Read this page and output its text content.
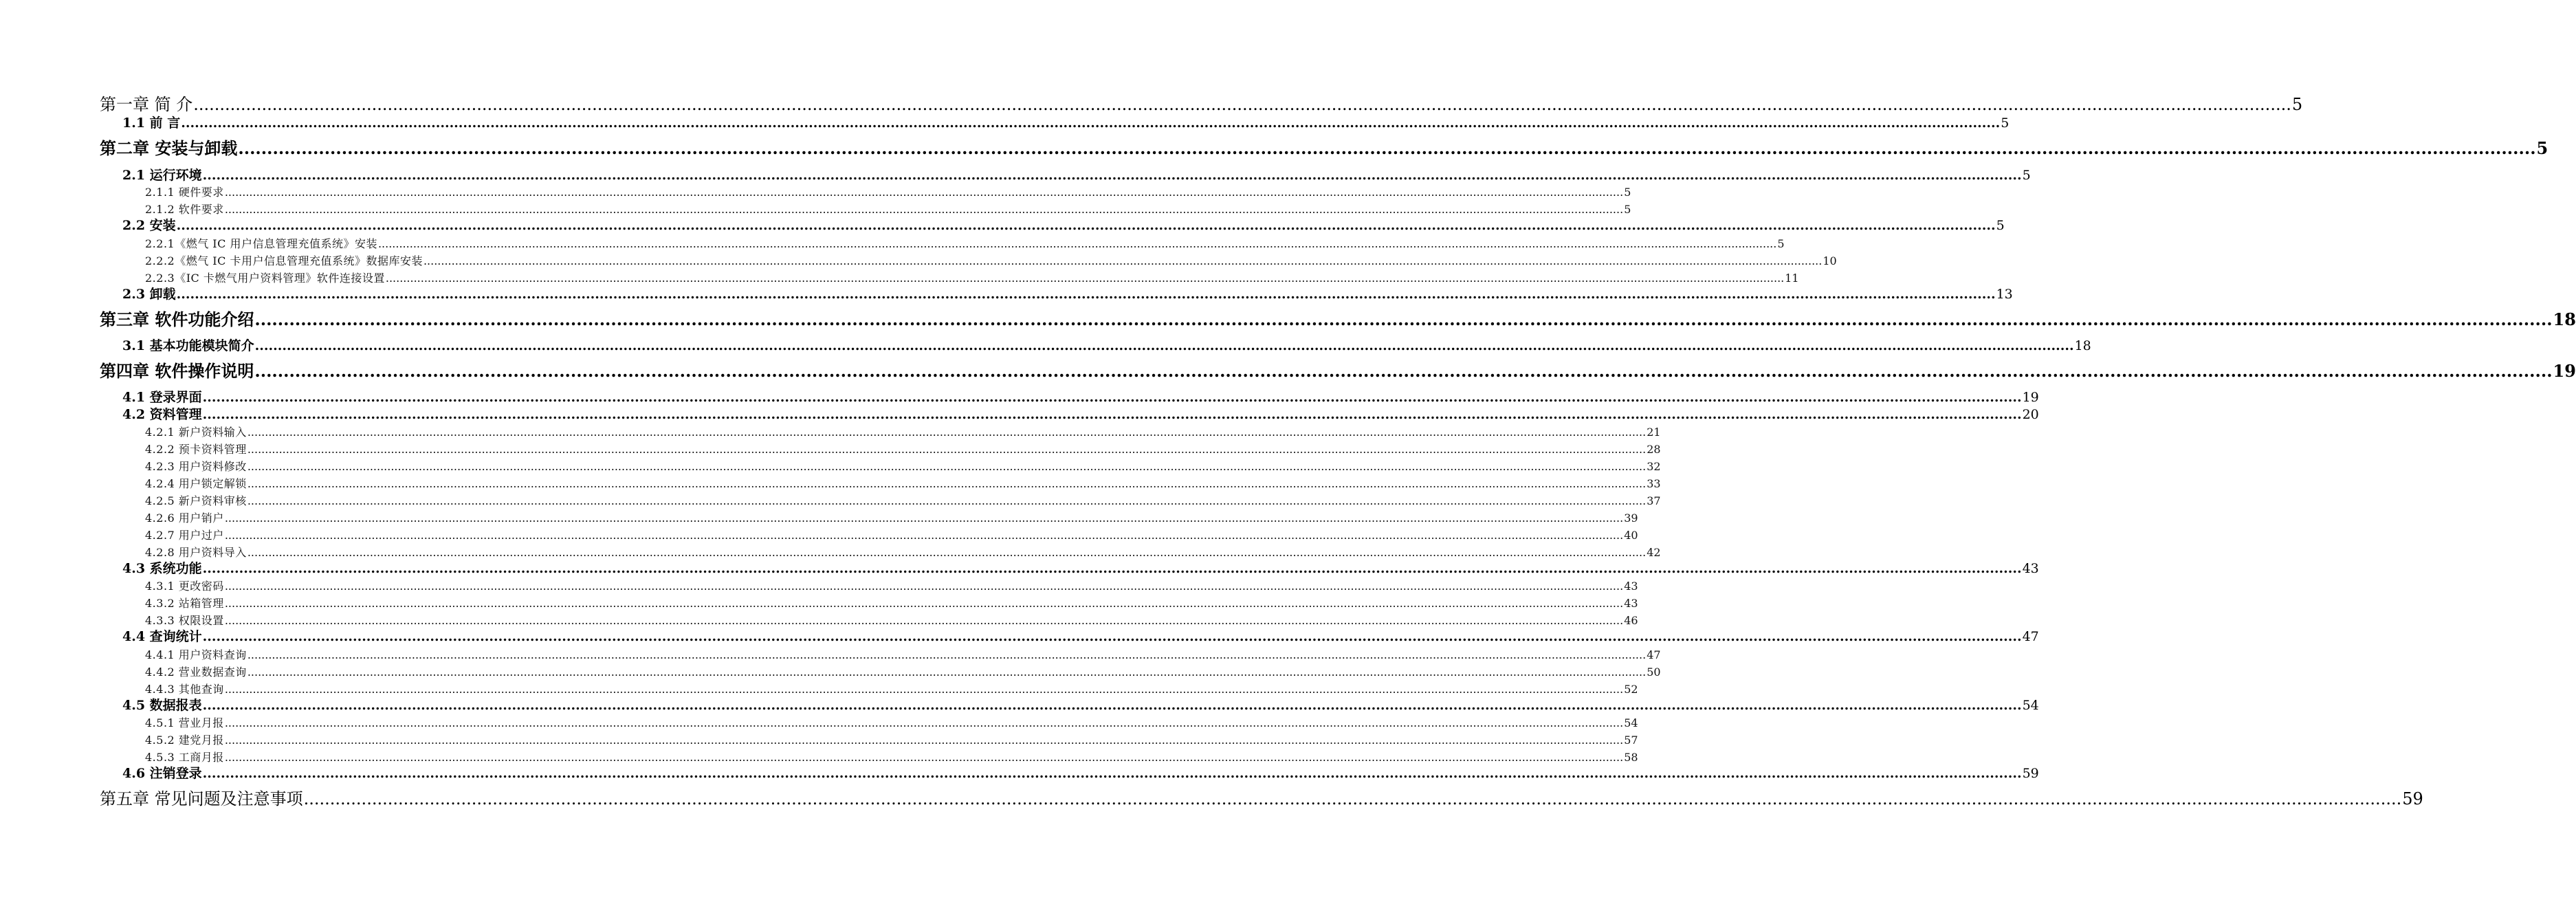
第一章 简 介 ................................................................................................................................................................................................................................................................................................................................................................................................................ 5
1.1 前 言 ................................................................................................................................................................................................................................................................................................................................................................................................................ 5
第二章 安装与卸载 ................................................................................................................................................................................................................................................................................................................................................................................................................ 5
2.1 运行环境 ................................................................................................................................................................................................................................................................................................................................................................................................................ 5
2.1.1 硬件要求 ................................................................................................................................................................................................................................................................................................................................................................................................................ 5
2.1.2 软件要求 ................................................................................................................................................................................................................................................................................................................................................................................................................ 5
2.2 安装 ................................................................................................................................................................................................................................................................................................................................................................................................................ 5
2.2.1《燃气 IC 用户信息管理充值系统》安装 ................................................................................................................................................................................................................................................................................................................................................................................................................ 5
2.2.2《燃气 IC 卡用户信息管理充值系统》数据库安装 ................................................................................................................................................................................................................................................................................................................................................................................................................ 10
2.2.3《IC 卡燃气用户资料管理》软件连接设置 ................................................................................................................................................................................................................................................................................................................................................................................................................ 11
2.3 卸载 ................................................................................................................................................................................................................................................................................................................................................................................................................ 13
第三章 软件功能介绍 ................................................................................................................................................................................................................................................................................................................................................................................................................ 18
3.1 基本功能模块简介 ................................................................................................................................................................................................................................................................................................................................................................................................................ 18
第四章 软件操作说明 ................................................................................................................................................................................................................................................................................................................................................................................................................ 19
4.1 登录界面 ................................................................................................................................................................................................................................................................................................................................................................................................................ 19
4.2 资料管理 ................................................................................................................................................................................................................................................................................................................................................................................................................ 20
4.2.1 新户资料输入 ................................................................................................................................................................................................................................................................................................................................................................................................................ 21
4.2.2 预卡资料管理 ................................................................................................................................................................................................................................................................................................................................................................................................................ 28
4.2.3 用户资料修改 ................................................................................................................................................................................................................................................................................................................................................................................................................ 32
4.2.4 用户锁定解锁 ................................................................................................................................................................................................................................................................................................................................................................................................................ 33
4.2.5 新户资料审核 ................................................................................................................................................................................................................................................................................................................................................................................................................ 37
4.2.6 用户销户 ................................................................................................................................................................................................................................................................................................................................................................................................................ 39
4.2.7 用户过户 ................................................................................................................................................................................................................................................................................................................................................................................................................ 40
4.2.8 用户资料导入 ................................................................................................................................................................................................................................................................................................................................................................................................................ 42
4.3 系统功能 ................................................................................................................................................................................................................................................................................................................................................................................................................ 43
4.3.1 更改密码 ................................................................................................................................................................................................................................................................................................................................................................................................................ 43
4.3.2 站箱管理 ................................................................................................................................................................................................................................................................................................................................................................................................................ 43
4.3.3 权限设置 ................................................................................................................................................................................................................................................................................................................................................................................................................ 46
4.4 查询统计 ................................................................................................................................................................................................................................................................................................................................................................................................................ 47
4.4.1 用户资料查询 ................................................................................................................................................................................................................................................................................................................................................................................................................ 47
4.4.2 营业数据查询 ................................................................................................................................................................................................................................................................................................................................................................................................................ 50
4.4.3 其他查询 ................................................................................................................................................................................................................................................................................................................................................................................................................ 52
4.5 数据报表 ................................................................................................................................................................................................................................................................................................................................................................................................................ 54
4.5.1 营业月报 ................................................................................................................................................................................................................................................................................................................................................................................................................ 54
4.5.2 建党月报 ................................................................................................................................................................................................................................................................................................................................................................................................................ 57
4.5.3 工商月报 ................................................................................................................................................................................................................................................................................................................................................................................................................ 58
4.6 注销登录 ................................................................................................................................................................................................................................................................................................................................................................................................................ 59
第五章 常见问题及注意事项 ................................................................................................................................................................................................................................................................................................................................................................................................................ 59
